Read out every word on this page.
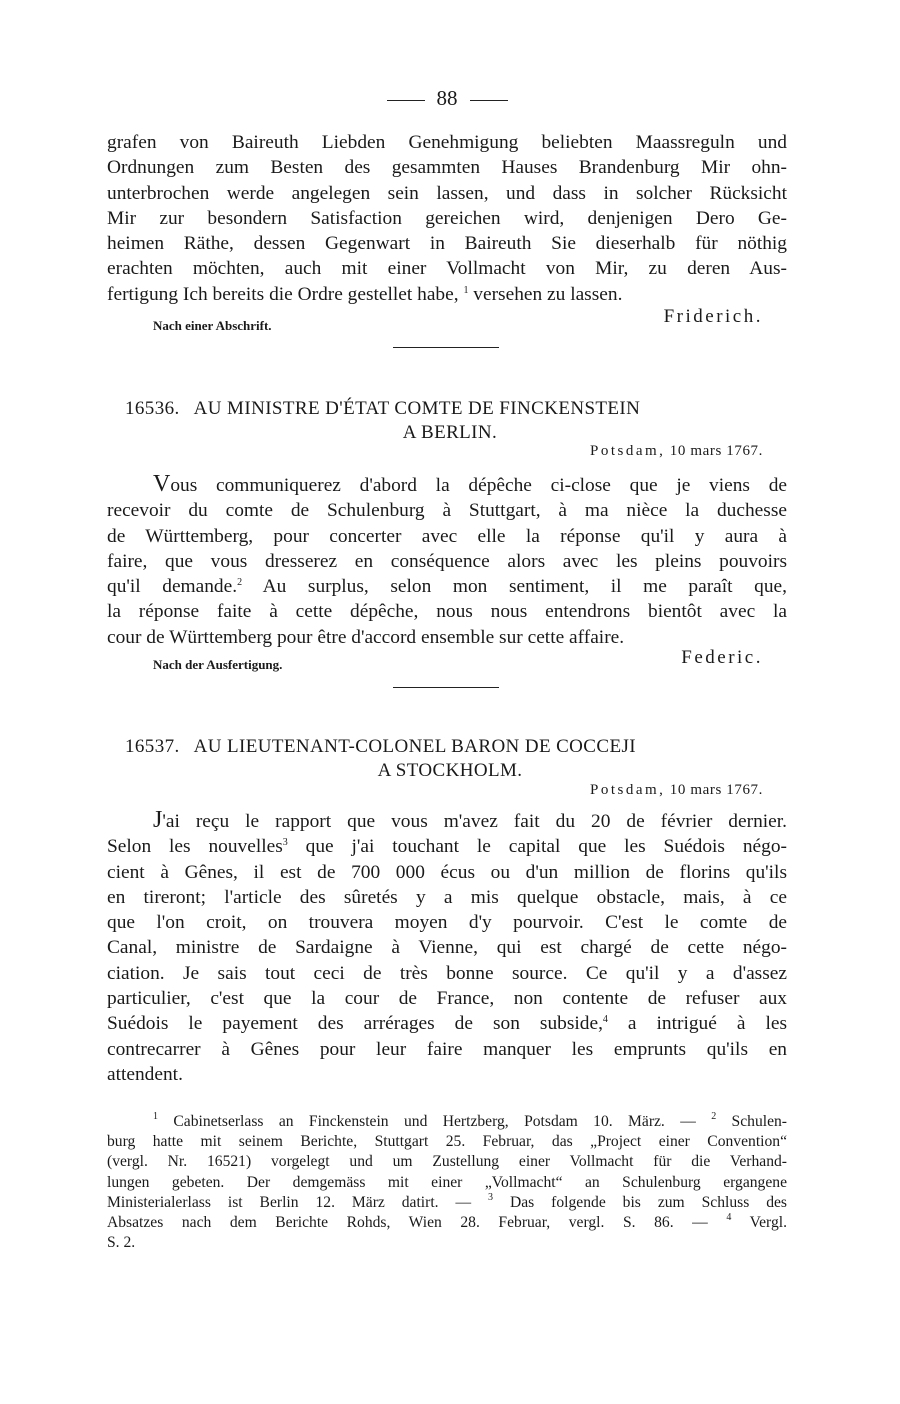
88
grafen von Baireuth Liebden Genehmigung beliebten Maassreguln und
Ordnungen zum Besten des gesammten Hauses Brandenburg Mir ohn-
unterbrochen werde angelegen sein lassen, und dass in solcher Rücksicht
Mir zur besondern Satisfaction gereichen wird, denjenigen Dero Ge-
heimen Räthe, dessen Gegenwart in Baireuth Sie dieserhalb für nöthig
erachten möchten, auch mit einer Vollmacht von Mir, zu deren Aus-
fertigung Ich bereits die Ordre gestellet habe, $^1$ versehen zu lassen.
Nach einer Abschrift.	Friderich.
16536. AU MINISTRE D'ÉTAT COMTE DE FINCKENSTEIN
A BERLIN.
Potsdam, 10 mars 1767.
Vous communiquerez d'abord la dépêche ci-close que je viens de
recevoir du comte de Schulenburg à Stuttgart, à ma nièce la duchesse
de Württemberg, pour concerter avec elle la réponse qu'il y aura à
faire, que vous dresserez en conséquence alors avec les pleins pouvoirs
qu'il demande.$^2$ Au surplus, selon mon sentiment, il me paraît que,
la réponse faite à cette dépêche, nous nous entendrons bientôt avec la
cour de Württemberg pour être d'accord ensemble sur cette affaire.
Nach der Ausfertigung.	Federic.
16537. AU LIEUTENANT-COLONEL BARON DE COCCEJI
A STOCKHOLM.
Potsdam, 10 mars 1767.
J'ai reçu le rapport que vous m'avez fait du 20 de février dernier.
Selon les nouvelles$^3$ que j'ai touchant le capital que les Suédois négo-
cient à Gênes, il est de 700 000 écus ou d'un million de florins qu'ils
en tireront; l'article des sûretés y a mis quelque obstacle, mais, à ce
que l'on croit, on trouvera moyen d'y pourvoir. C'est le comte de
Canal, ministre de Sardaigne à Vienne, qui est chargé de cette négo-
ciation. Je sais tout ceci de très bonne source. Ce qu'il y a d'assez
particulier, c'est que la cour de France, non contente de refuser aux
Suédois le payement des arrérages de son subside,$^4$ a intrigué à les
contrecarrer à Gênes pour leur faire manquer les emprunts qu'ils en
attendent.
$^1$ Cabinetserlass an Finckenstein und Hertzberg, Potsdam 10. März. — $^2$ Schulen-
burg hatte mit seinem Berichte, Stuttgart 25. Februar, das „Project einer Convention“
(vergl. Nr. 16521) vorgelegt und um Zustellung einer Vollmacht für die Verhand-
lungen gebeten. Der demgemäss mit einer „Vollmacht“ an Schulenburg ergangene
Ministerialerlass ist Berlin 12. März datirt. — $^3$ Das folgende bis zum Schluss des
Absatzes nach dem Berichte Rohds, Wien 28. Februar, vergl. S. 86. — $^4$ Vergl.
S. 2.
